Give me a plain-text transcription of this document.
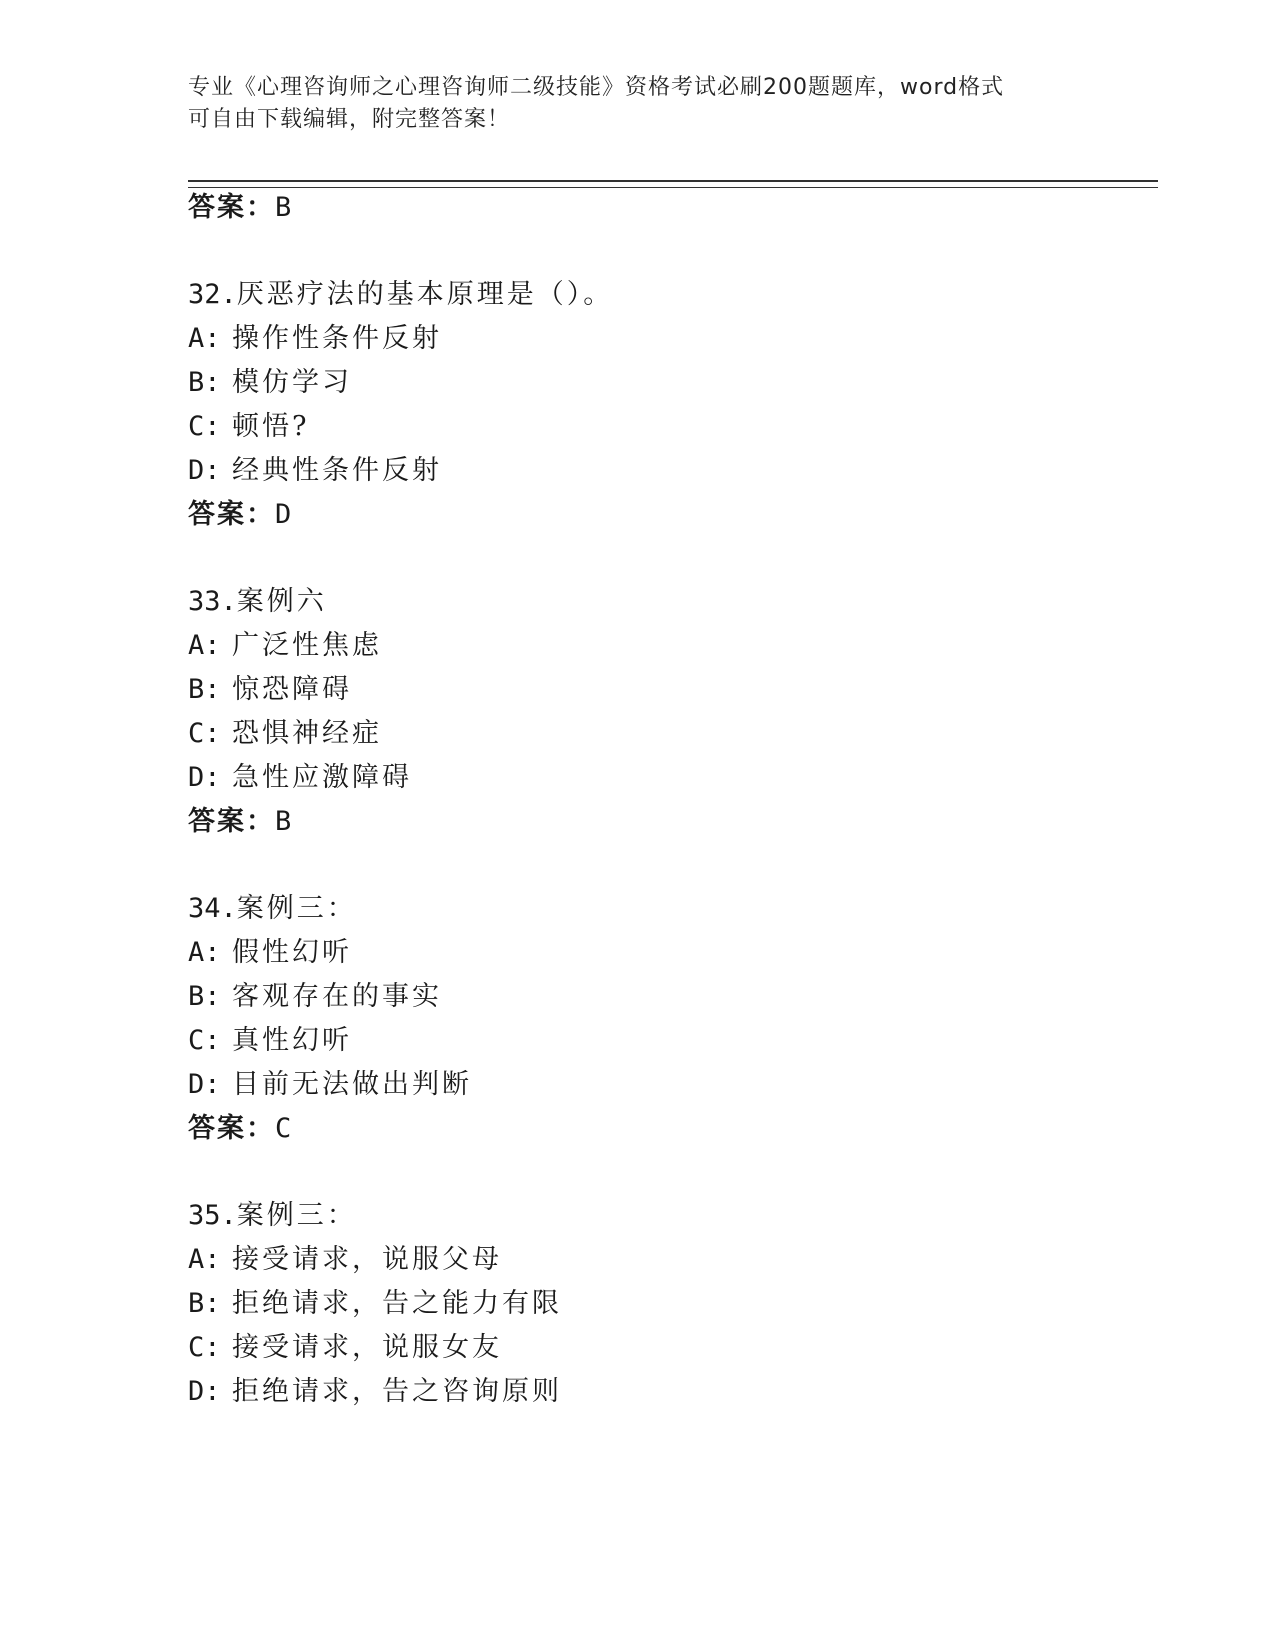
专业《心理咨询师之心理咨询师二级技能》资格考试必刷200题题库，word格式
可自由下载编辑，附完整答案！
答案：B
32.厌恶疗法的基本原理是（）。
A: 操作性条件反射
B: 模仿学习
C: 顿悟?
D: 经典性条件反射
答案：D
33.案例六
A: 广泛性焦虑
B: 惊恐障碍
C: 恐惧神经症
D: 急性应激障碍
答案：B
34.案例三：
A: 假性幻听
B: 客观存在的事实
C: 真性幻听
D: 目前无法做出判断
答案：C
35.案例三：
A: 接受请求，说服父母
B: 拒绝请求，告之能力有限
C: 接受请求，说服女友
D: 拒绝请求，告之咨询原则
